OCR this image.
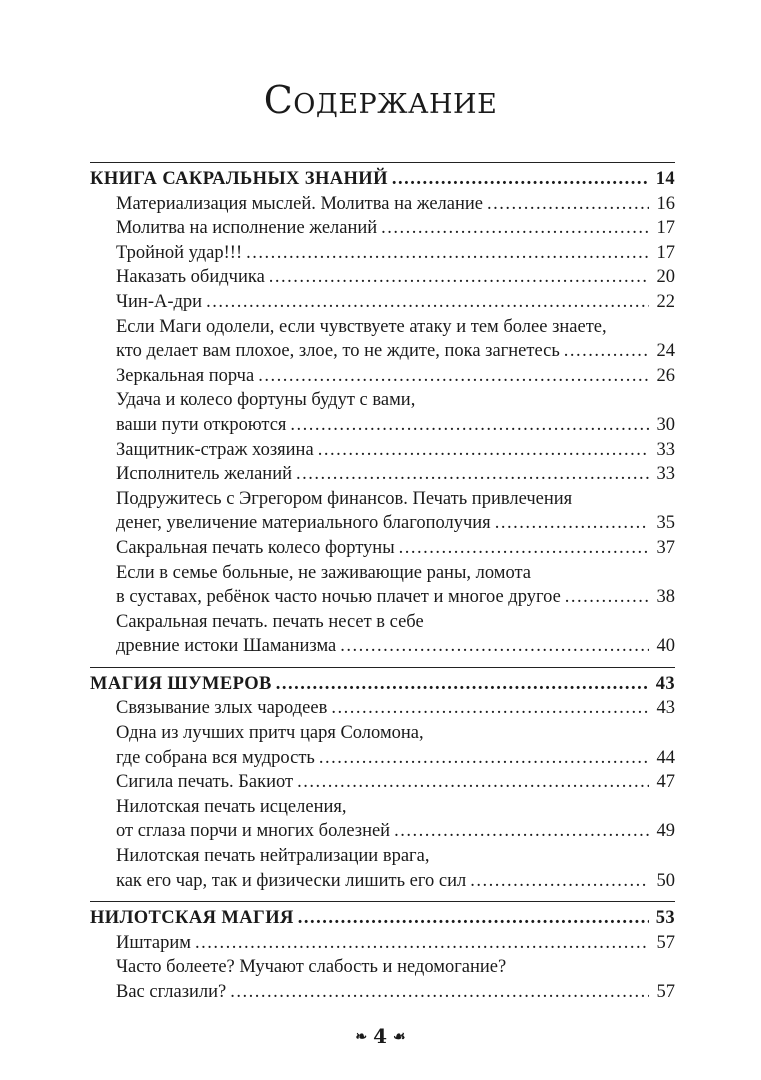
Содержание
КНИГА САКРАЛЬНЫХ ЗНАНИЙ .....	14
Материализация мыслей. Молитва на желание .....	16
Молитва на исполнение желаний .....	17
Тройной удар!!! .....	17
Наказать обидчика .....	20
Чин-А-дри .....	22
Если Маги одолели, если чувствуете атаку и тем более знаете,
кто делает вам плохое, злое, то не ждите, пока загнетесь .....	24
Зеркальная порча .....	26
Удача и колесо фортуны будут с вами,
ваши пути откроются .....	30
Защитник-страж хозяина .....	33
Исполнитель желаний .....	33
Подружитесь с Эгрегором финансов. Печать привлечения
денег, увеличение материального благополучия .....	35
Сакральная печать колесо фортуны .....	37
Если в семье больные, не заживающие раны, ломота
в суставах, ребёнок часто ночью плачет и многое другое .....	38
Сакральная печать. печать несет в себе
древние истоки Шаманизма .....	40
МАГИЯ ШУМЕРОВ .....	43
Связывание злых чародеев .....	43
Одна из лучших притч царя Соломона,
где собрана вся мудрость .....	44
Сигила печать. Бакиот .....	47
Нилотская печать исцеления,
от сглаза порчи и многих болезней .....	49
Нилотская печать нейтрализации врага,
как его чар, так и физически лишить его сил .....	50
НИЛОТСКАЯ МАГИЯ .....	53
Иштарим .....	57
Часто болеете? Мучают слабость и недомогание?
Вас сглазили? .....	57
❧ 4 ☙
